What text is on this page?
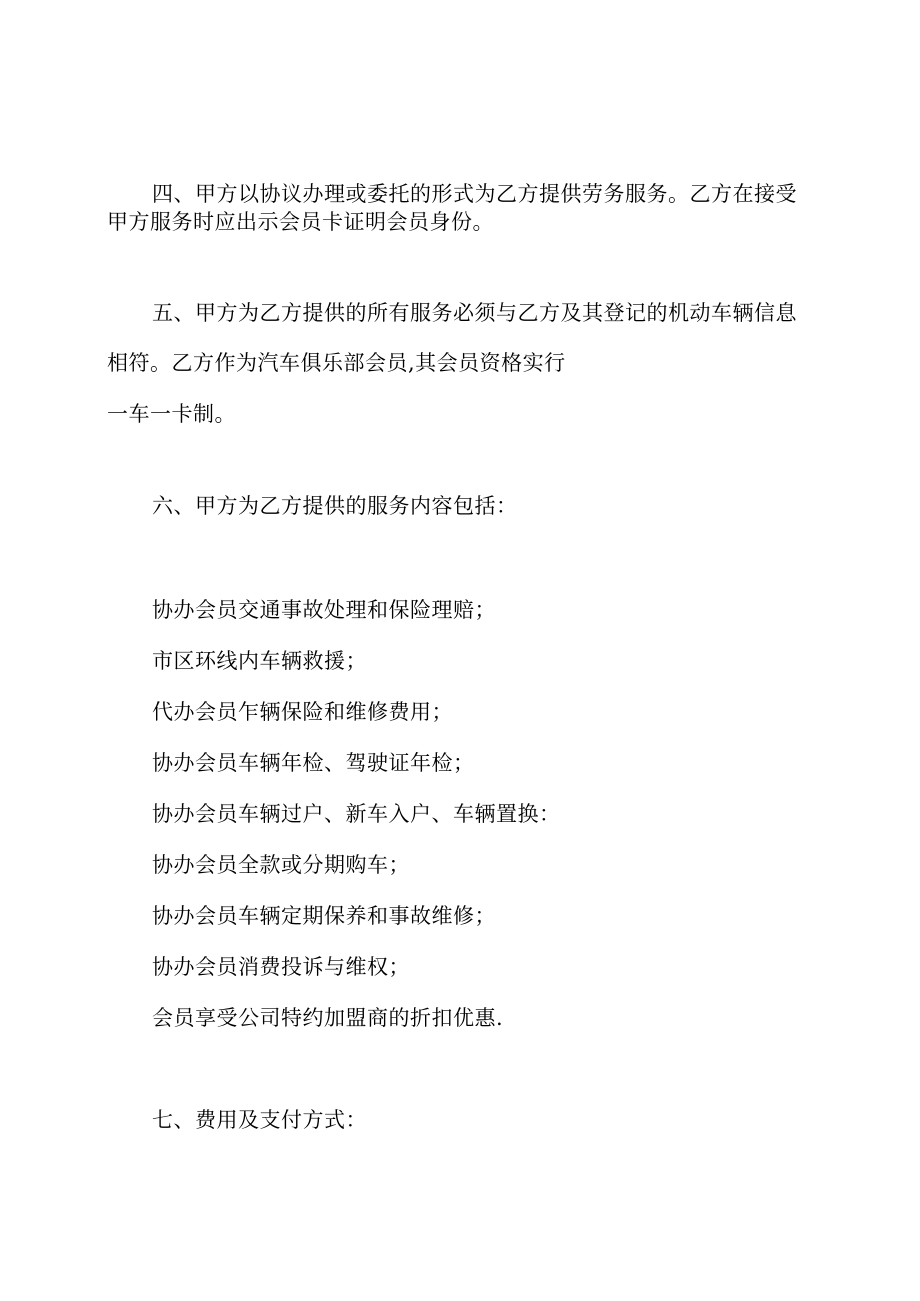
四、甲方以协议办理或委托的形式为乙方提供劳务服务。乙方在接受
甲方服务时应出示会员卡证明会员身份。
五、甲方为乙方提供的所有服务必须与乙方及其登记的机动车辆信息
相符。乙方作为汽车俱乐部会员,其会员资格实行
一车一卡制。
六、甲方为乙方提供的服务内容包括：
协办会员交通事故处理和保险理赔；
市区环线内车辆救援；
代办会员乍辆保险和维修费用；
协办会员车辆年检、驾驶证年检；
协办会员车辆过户、新车入户、车辆置换：
协办会员全款或分期购车；
协办会员车辆定期保养和事故维修；
协办会员消费投诉与维权；
会员享受公司特约加盟商的折扣优惠.
七、费用及支付方式：
